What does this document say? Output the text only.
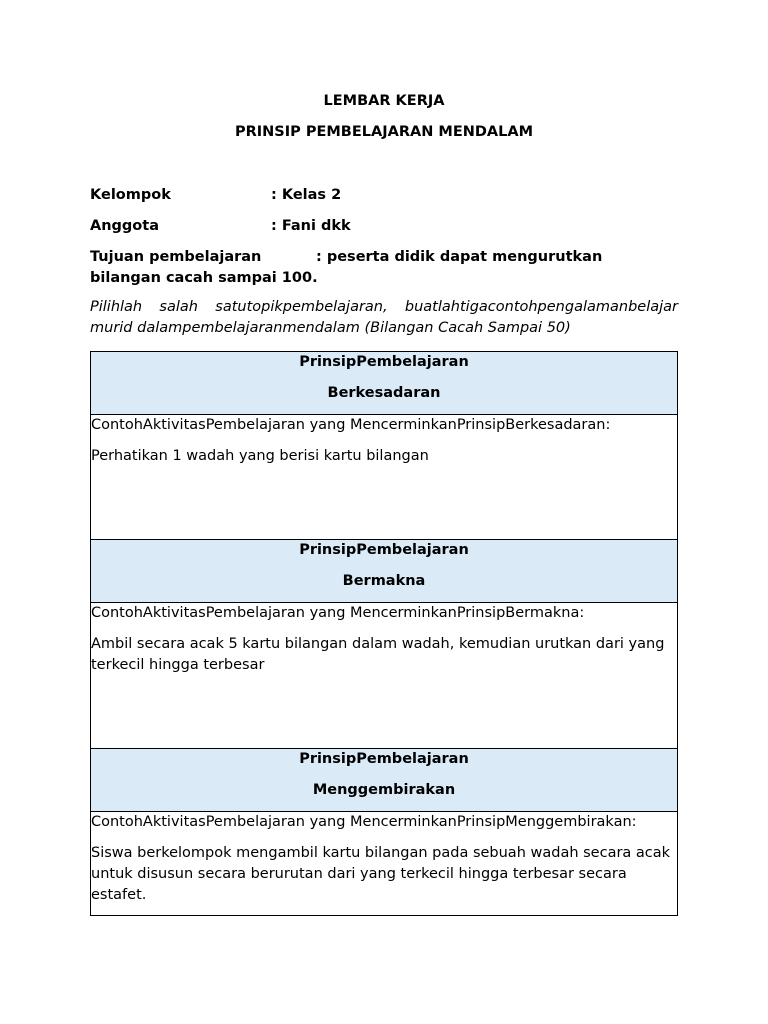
LEMBAR KERJA

PRINSIP PEMBELAJARAN MENDALAM

Kelompok	: Kelas 2
Anggota	: Fani dkk
Tujuan pembelajaran	: peserta didik dapat mengurutkan bilangan cacah sampai 100.

Pilihlah salah satutopikpembelajaran, buatlahtigacontohpengalamanbelajar murid dalampembelajaranmendalam (Bilangan Cacah Sampai 50)

PrinsipPembelajaran
Berkesadaran

ContohAktivitasPembelajaran yang MencerminkanPrinsipBerkesadaran:
Perhatikan 1 wadah yang berisi kartu bilangan

PrinsipPembelajaran
Bermakna

ContohAktivitasPembelajaran yang MencerminkanPrinsipBermakna:
Ambil secara acak 5 kartu bilangan dalam wadah, kemudian urutkan dari yang terkecil hingga terbesar

PrinsipPembelajaran
Menggembirakan

ContohAktivitasPembelajaran yang MencerminkanPrinsipMenggembirakan:
Siswa berkelompok mengambil kartu bilangan pada sebuah wadah secara acak untuk disusun secara berurutan dari yang terkecil hingga terbesar secara estafet.
